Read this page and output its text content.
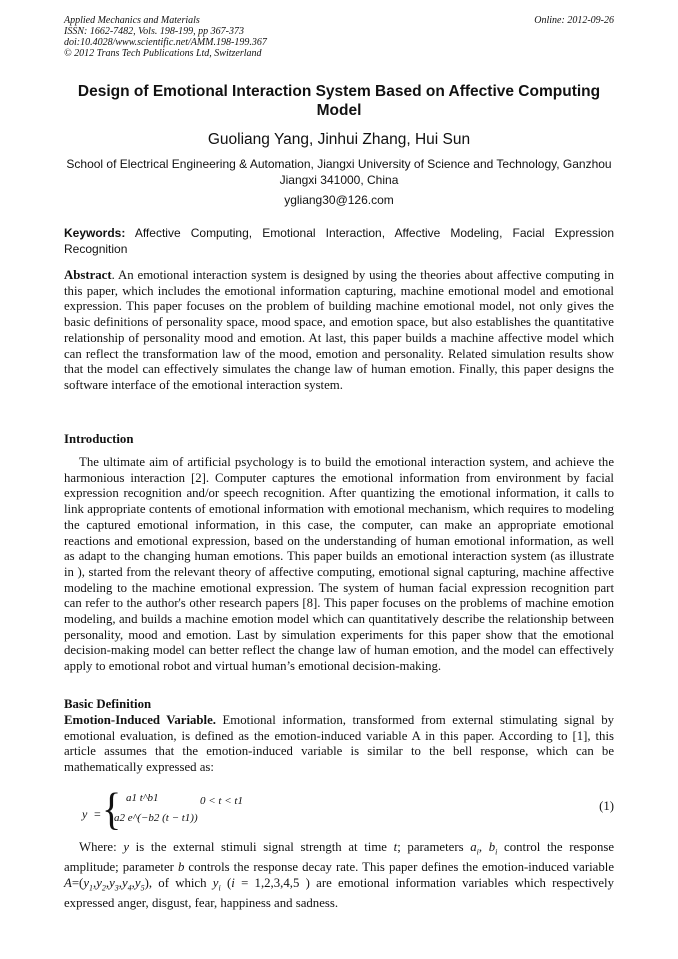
Applied Mechanics and Materials
ISSN: 1662-7482, Vols. 198-199, pp 367-373
doi:10.4028/www.scientific.net/AMM.198-199.367
© 2012 Trans Tech Publications Ltd, Switzerland
Online: 2012-09-26
Design of Emotional Interaction System Based on Affective Computing Model
Guoliang Yang, Jinhui Zhang, Hui Sun
School of Electrical Engineering & Automation, Jiangxi University of Science and Technology, Ganzhou Jiangxi 341000, China
ygliang30@126.com
Keywords: Affective Computing, Emotional Interaction, Affective Modeling, Facial Expression Recognition
Abstract. An emotional interaction system is designed by using the theories about affective computing in this paper, which includes the emotional information capturing, machine emotional model and emotional expression. This paper focuses on the problem of building machine emotional model, not only gives the basic definitions of personality space, mood space, and emotion space, but also establishes the quantitative relationship of personality mood and emotion. At last, this paper builds a machine affective model which can reflect the transformation law of the mood, emotion and personality. Related simulation results show that the model can effectively simulates the change law of human emotion. Finally, this paper designs the software interface of the emotional interaction system.
Introduction
The ultimate aim of artificial psychology is to build the emotional interaction system, and achieve the harmonious interaction [2]. Computer captures the emotional information from environment by facial expression recognition and/or speech recognition. After quantizing the emotional information, it calls to link appropriate contents of emotional information with emotional mechanism, which requires to modeling the captured emotional information, in this case, the computer, can make an appropriate emotional reactions and emotional expression, based on the understanding of human emotional information, as well as adapt to the changing human emotions. This paper builds an emotional interaction system (as illustrate in ), started from the relevant theory of affective computing, emotional signal capturing, machine affective modeling to the machine emotional expression. The system of human facial expression recognition part can refer to the author's other research papers [8]. This paper focuses on the problems of machine emotion modeling, and builds a machine emotion model which can quantitatively describe the relationship between personality, mood and emotion. Last by simulation experiments for this paper show that the emotional decision-making model can better reflect the change law of human emotion, and the model can effectively apply to emotional robot and virtual human’s emotional decision-making.
Basic Definition
Emotion-Induced Variable. Emotional information, transformed from external stimulating signal by emotional evaluation, is defined as the emotion-induced variable A in this paper. According to [1], this article assumes that the emotion-induced variable is similar to the bell response, which can be mathematically expressed as:
y = { a1 t^b1
a2 e^(−b2 (t − t1))
0 < t < t1	(1)
Where: y is the external stimuli signal strength at time t; parameters $a_i$, $b_i$ control the response amplitude; parameter b controls the response decay rate. This paper defines the emotion-induced variable $A=(y_1,y_2,y_3,y_4,y_5)$, of which $y_i$ (i = 1,2,3,4,5 ) are emotional information variables which respectively expressed anger, disgust, fear, happiness and sadness.
